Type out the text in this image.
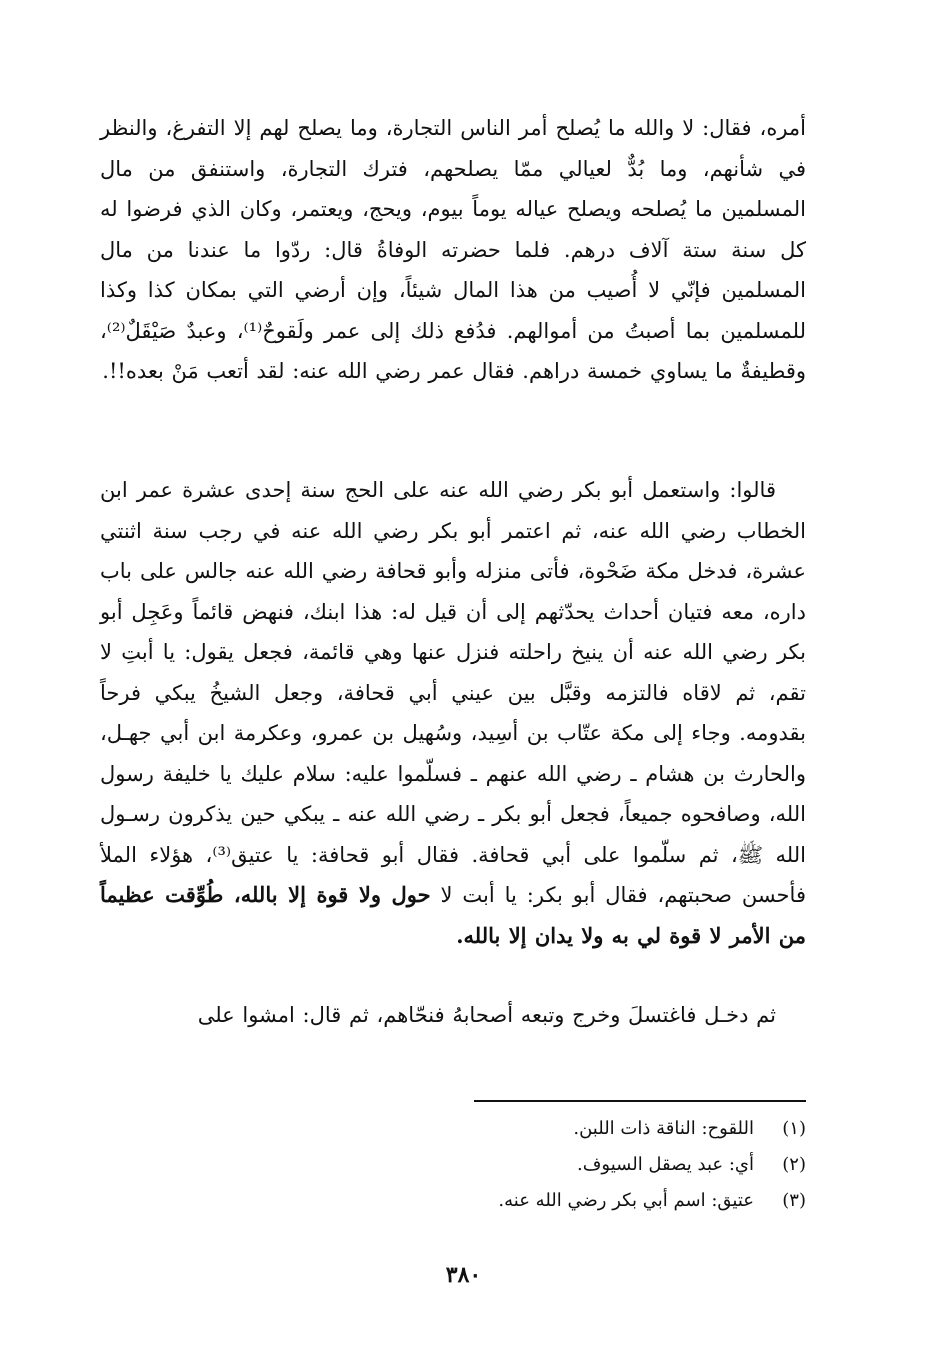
أمره، فقال: لا والله ما يُصلح أمر الناس التجارة، وما يصلح لهم إلا التفرغ، والنظر في شأنهم، وما بُدٌّ لعيالي ممّا يصلحهم، فترك التجارة، واستنفق من مال المسلمين ما يُصلحه ويصلح عياله يوماً بيوم، ويحج، ويعتمر، وكان الذي فرضوا له كل سنة ستة آلاف درهم. فلما حضرته الوفاةُ قال: ردّوا ما عندنا من مال المسلمين فإنّي لا أُصيب من هذا المال شيئاً، وإن أرضي التي بمكان كذا وكذا للمسلمين بما أصبتُ من أموالهم. فدُفع ذلك إلى عمر ولَقوحٌ⁽¹⁾، وعبدٌ صَيْقَلٌ⁽²⁾، وقطيفةٌ ما يساوي خمسة دراهم. فقال عمر رضي الله عنه: لقد أتعب مَنْ بعده!!.
قالوا: واستعمل أبو بكر رضي الله عنه على الحج سنة إحدى عشرة عمر ابن الخطاب رضي الله عنه، ثم اعتمر أبو بكر رضي الله عنه في رجب سنة اثنتي عشرة، فدخل مكة ضَحْوة، فأتى منزله وأبو قحافة رضي الله عنه جالس على باب داره، معه فتيان أحداث يحدّثهم إلى أن قيل له: هذا ابنك، فنهض قائماً وعَجِل أبو بكر رضي الله عنه أن ينيخ راحلته فنزل عنها وهي قائمة، فجعل يقول: يا أبتِ لا تقم، ثم لاقاه فالتزمه وقبَّل بين عيني أبي قحافة، وجعل الشيخُ يبكي فرحاً بقدومه. وجاء إلى مكة عتّاب بن أسِيد، وسُهيل بن عمرو، وعكرمة ابن أبي جهـل، والحارث بن هشام ـ رضي الله عنهم ـ فسلّموا عليه: سلام عليك يا خليفة رسول الله، وصافحوه جميعاً، فجعل أبو بكر ـ رضي الله عنه ـ يبكي حين يذكرون رسـول الله ﷺ، ثم سلّموا على أبي قحافة. فقال أبو قحافة: يا عتيق⁽³⁾، هؤلاء الملأ فأحسن صحبتهم، فقال أبو بكر: يا أبت لا حول ولا قوة إلا بالله، طُوِّقت عظيماً من الأمر لا قوة لي به ولا يدان إلا بالله.
ثم دخـل فاغتسلَ وخرج وتبعه أصحابهُ فنحّاهم، ثم قال: امشوا على
(١)
اللقوح: الناقة ذات اللبن.
(٢)
أي: عبد يصقل السيوف.
(٣)
عتيق: اسم أبي بكر رضي الله عنه.
٣٨٠
